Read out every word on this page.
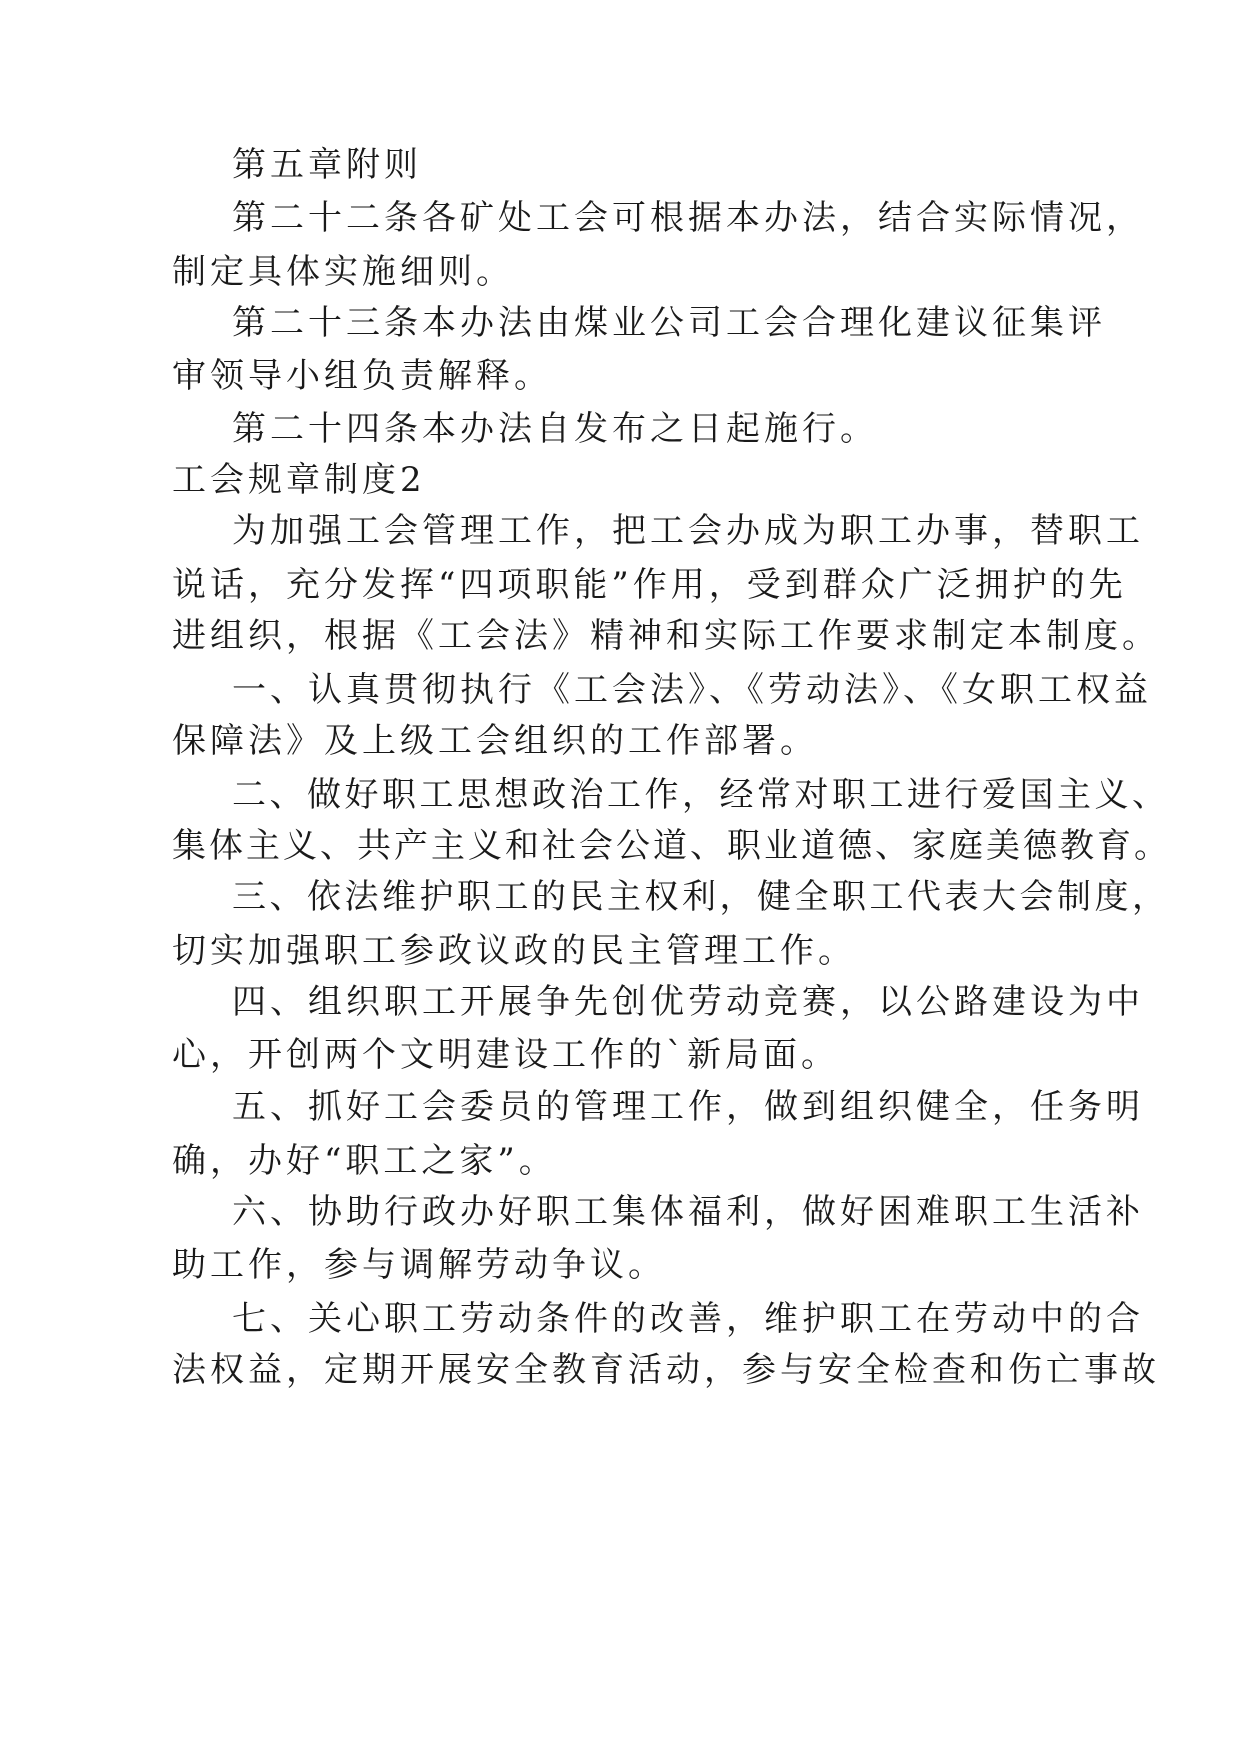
第五章附则
第二十二条各矿处工会可根据本办法，结合实际情况，
制定具体实施细则。
第二十三条本办法由煤业公司工会合理化建议征集评
审领导小组负责解释。
第二十四条本办法自发布之日起施行。
工会规章制度2
为加强工会管理工作，把工会办成为职工办事，替职工
说话，充分发挥“四项职能”作用，受到群众广泛拥护的先
进组织，根据《工会法》精神和实际工作要求制定本制度。
一、认真贯彻执行《工会法》、《劳动法》、《女职工权益
保障法》及上级工会组织的工作部署。
二、做好职工思想政治工作，经常对职工进行爱国主义、
集体主义、共产主义和社会公道、职业道德、家庭美德教育。
三、依法维护职工的民主权利，健全职工代表大会制度，
切实加强职工参政议政的民主管理工作。
四、组织职工开展争先创优劳动竞赛，以公路建设为中
心，开创两个文明建设工作的`新局面。
五、抓好工会委员的管理工作，做到组织健全，任务明
确，办好“职工之家”。
六、协助行政办好职工集体福利，做好困难职工生活补
助工作，参与调解劳动争议。
七、关心职工劳动条件的改善，维护职工在劳动中的合
法权益，定期开展安全教育活动，参与安全检查和伤亡事故
